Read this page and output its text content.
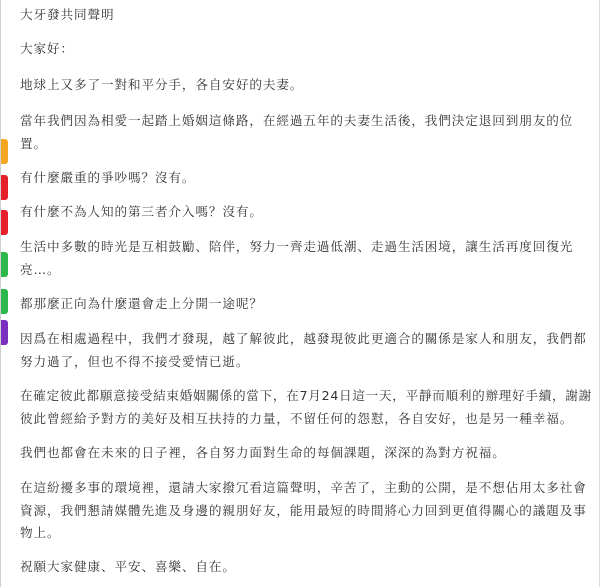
大牙發共同聲明
大家好：
地球上又多了一對和平分手，各自安好的夫妻。
當年我們因為相愛一起踏上婚姻這條路，在經過五年的夫妻生活後，我們決定退回到朋友的位
置。
有什麼嚴重的爭吵嗎？沒有。
有什麼不為人知的第三者介入嗎？沒有。
生活中多數的時光是互相鼓勵、陪伴，努力一齊走過低潮、走過生活困境，讓生活再度回復光
亮…。
都那麼正向為什麼還會走上分開一途呢？
因爲在相處過程中，我們才發現，越了解彼此，越發現彼此更適合的關係是家人和朋友，我們都
努力過了，但也不得不接受愛情已逝。
在確定彼此都願意接受結束婚姻關係的當下，在7月24日這一天，平靜而順利的辦理好手續，謝謝
彼此曾經給予對方的美好及相互扶持的力量，不留任何的怨懟，各自安好，也是另一種幸福。
我們也都會在未來的日子裡，各自努力面對生命的每個課題，深深的為對方祝福。
在這紛擾多事的環境裡，還請大家撥冗看這篇聲明，辛苦了，主動的公開，是不想佔用太多社會
資源，我們懇請媒體先進及身邊的親朋好友，能用最短的時間將心力回到更值得關心的議題及事
物上。
祝願大家健康、平安、喜樂、自在。
